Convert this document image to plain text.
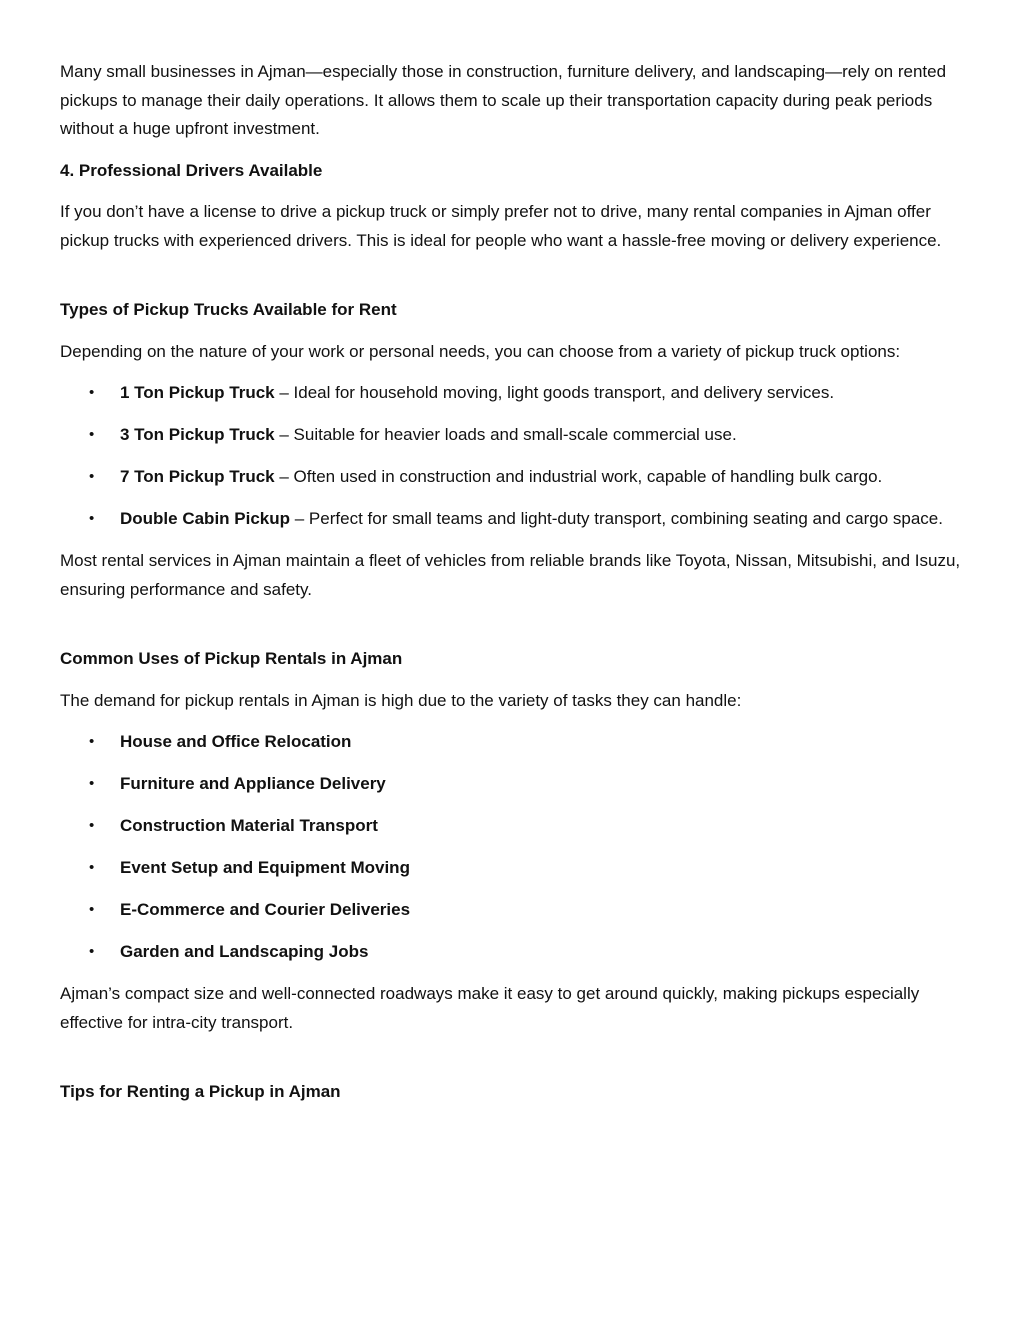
Many small businesses in Ajman—especially those in construction, furniture delivery, and landscaping—rely on rented pickups to manage their daily operations. It allows them to scale up their transportation capacity during peak periods without a huge upfront investment.

4. Professional Drivers Available

If you don’t have a license to drive a pickup truck or simply prefer not to drive, many rental companies in Ajman offer pickup trucks with experienced drivers. This is ideal for people who want a hassle-free moving or delivery experience.

Types of Pickup Trucks Available for Rent

Depending on the nature of your work or personal needs, you can choose from a variety of pickup truck options:

• 1 Ton Pickup Truck – Ideal for household moving, light goods transport, and delivery services.
• 3 Ton Pickup Truck – Suitable for heavier loads and small-scale commercial use.
• 7 Ton Pickup Truck – Often used in construction and industrial work, capable of handling bulk cargo.
• Double Cabin Pickup – Perfect for small teams and light-duty transport, combining seating and cargo space.

Most rental services in Ajman maintain a fleet of vehicles from reliable brands like Toyota, Nissan, Mitsubishi, and Isuzu, ensuring performance and safety.

Common Uses of Pickup Rentals in Ajman

The demand for pickup rentals in Ajman is high due to the variety of tasks they can handle:

• House and Office Relocation
• Furniture and Appliance Delivery
• Construction Material Transport
• Event Setup and Equipment Moving
• E-Commerce and Courier Deliveries
• Garden and Landscaping Jobs

Ajman’s compact size and well-connected roadways make it easy to get around quickly, making pickups especially effective for intra-city transport.

Tips for Renting a Pickup in Ajman
